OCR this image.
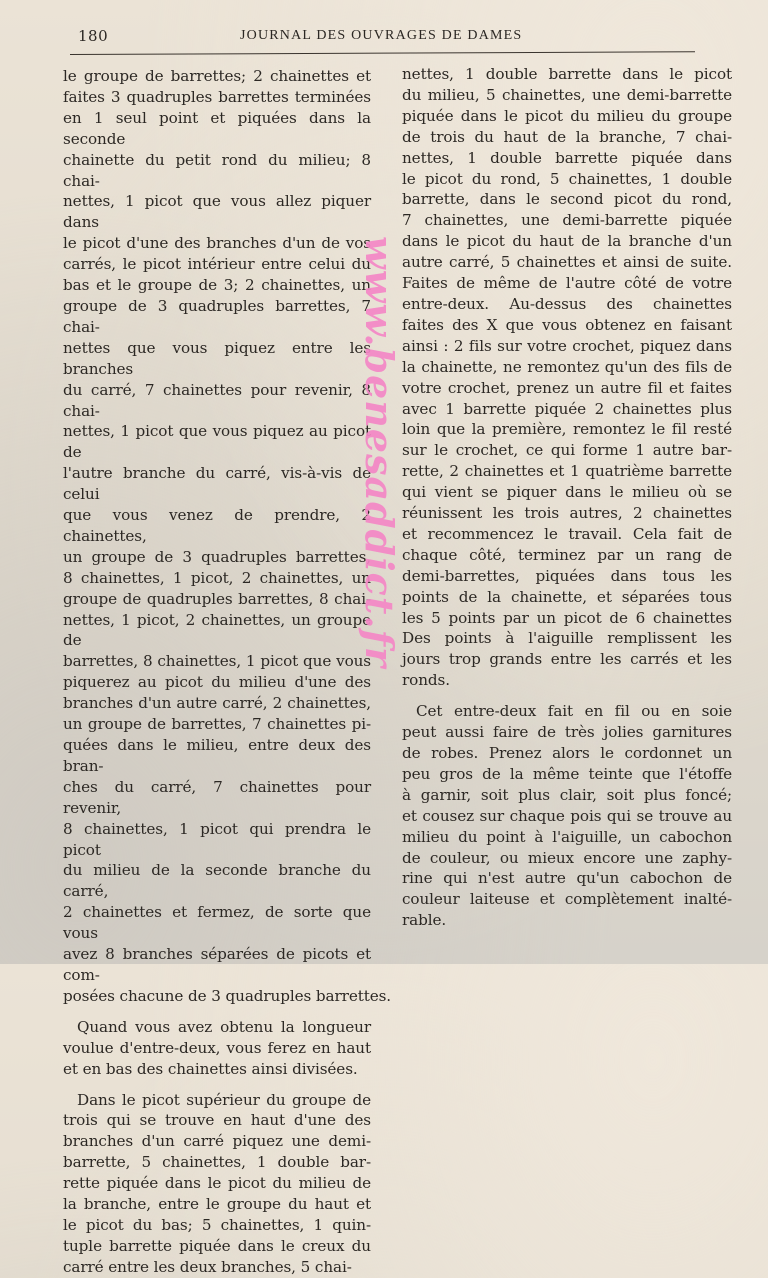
180	JOURNAL DES OUVRAGES DE DAMES
le groupe de barrettes; 2 chainettes et
faites 3 quadruples barrettes terminées
en 1 seul point et piquées dans la seconde
chainette du petit rond du milieu; 8 chai-
nettes, 1 picot que vous allez piquer dans
le picot d'une des branches d'un de vos
carrés, le picot intérieur entre celui du
bas et le groupe de 3; 2 chainettes, un
groupe de 3 quadruples barrettes, 7 chai-
nettes que vous piquez entre les branches
du carré, 7 chainettes pour revenir, 8 chai-
nettes, 1 picot que vous piquez au picot de
l'autre branche du carré, vis-à-vis de celui
que vous venez de prendre, 2 chainettes,
un groupe de 3 quadruples barrettes,
8 chainettes, 1 picot, 2 chainettes, un
groupe de quadruples barrettes, 8 chai-
nettes, 1 picot, 2 chainettes, un groupe de
barrettes, 8 chainettes, 1 picot que vous
piquerez au picot du milieu d'une des
branches d'un autre carré, 2 chainettes,
un groupe de barrettes, 7 chainettes pi-
quées dans le milieu, entre deux des bran-
ches du carré, 7 chainettes pour revenir,
8 chainettes, 1 picot qui prendra le picot
du milieu de la seconde branche du carré,
2 chainettes et fermez, de sorte que vous
avez 8 branches séparées de picots et com-
posées chacune de 3 quadruples barrettes.
Quand vous avez obtenu la longueur
voulue d'entre-deux, vous ferez en haut
et en bas des chainettes ainsi divisées.
Dans le picot supérieur du groupe de
trois qui se trouve en haut d'une des
branches d'un carré piquez une demi-
barrette, 5 chainettes, 1 double bar-
rette piquée dans le picot du milieu de
la branche, entre le groupe du haut et
le picot du bas; 5 chainettes, 1 quin-
tuple barrette piquée dans le creux du
carré entre les deux branches, 5 chai-
nettes, 1 double barrette dans le picot
du milieu, 5 chainettes, une demi-barrette
piquée dans le picot du milieu du groupe
de trois du haut de la branche, 7 chai-
nettes, 1 double barrette piquée dans
le picot du rond, 5 chainettes, 1 double
barrette, dans le second picot du rond,
7 chainettes, une demi-barrette piquée
dans le picot du haut de la branche d'un
autre carré, 5 chainettes et ainsi de suite.
Faites de même de l'autre côté de votre
entre-deux. Au-dessus des chainettes
faites des X que vous obtenez en faisant
ainsi : 2 fils sur votre crochet, piquez dans
la chainette, ne remontez qu'un des fils de
votre crochet, prenez un autre fil et faites
avec 1 barrette piquée 2 chainettes plus
loin que la première, remontez le fil resté
sur le crochet, ce qui forme 1 autre bar-
rette, 2 chainettes et 1 quatrième barrette
qui vient se piquer dans le milieu où se
réunissent les trois autres, 2 chainettes
et recommencez le travail. Cela fait de
chaque côté, terminez par un rang de
demi-barrettes, piquées dans tous les
points de la chainette, et séparées tous
les 5 points par un picot de 6 chainettes
Des points à l'aiguille remplissent les
jours trop grands entre les carrés et les
ronds.
Cet entre-deux fait en fil ou en soie
peut aussi faire de très jolies garnitures
de robes. Prenez alors le cordonnet un
peu gros de la même teinte que l'étoffe
à garnir, soit plus clair, soit plus foncé;
et cousez sur chaque pois qui se trouve au
milieu du point à l'aiguille, un cabochon
de couleur, ou mieux encore une zaphy-
rine qui n'est autre qu'un cabochon de
couleur laiteuse et complètement inalté-
rable.
www.benesaddict.fr
